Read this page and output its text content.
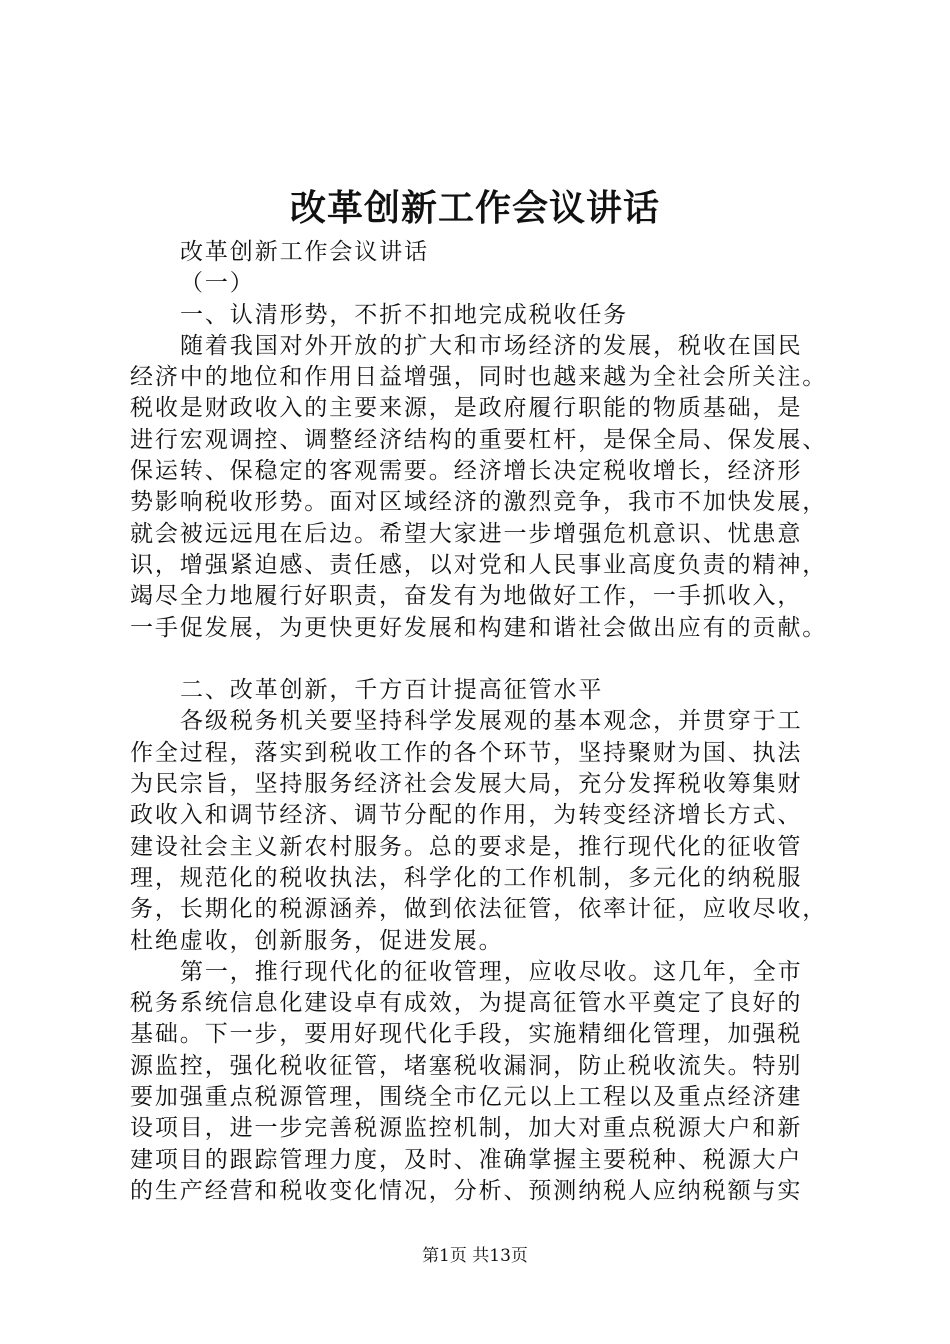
改革创新工作会议讲话
改革创新工作会议讲话
（一）
一、认清形势，不折不扣地完成税收任务
随着我国对外开放的扩大和市场经济的发展，税收在国民
经济中的地位和作用日益增强，同时也越来越为全社会所关注。
税收是财政收入的主要来源，是政府履行职能的物质基础，是
进行宏观调控、调整经济结构的重要杠杆，是保全局、保发展、
保运转、保稳定的客观需要。经济增长决定税收增长，经济形
势影响税收形势。面对区域经济的激烈竞争，我市不加快发展，
就会被远远甩在后边。希望大家进一步增强危机意识、忧患意
识，增强紧迫感、责任感，以对党和人民事业高度负责的精神，
竭尽全力地履行好职责，奋发有为地做好工作，一手抓收入，
一手促发展，为更快更好发展和构建和谐社会做出应有的贡献。
二、改革创新，千方百计提高征管水平
各级税务机关要坚持科学发展观的基本观念，并贯穿于工
作全过程，落实到税收工作的各个环节，坚持聚财为国、执法
为民宗旨，坚持服务经济社会发展大局，充分发挥税收筹集财
政收入和调节经济、调节分配的作用，为转变经济增长方式、
建设社会主义新农村服务。总的要求是，推行现代化的征收管
理，规范化的税收执法，科学化的工作机制，多元化的纳税服
务，长期化的税源涵养，做到依法征管，依率计征，应收尽收，
杜绝虚收，创新服务，促进发展。
第一，推行现代化的征收管理，应收尽收。这几年，全市
税务系统信息化建设卓有成效，为提高征管水平奠定了良好的
基础。下一步，要用好现代化手段，实施精细化管理，加强税
源监控，强化税收征管，堵塞税收漏洞，防止税收流失。特别
要加强重点税源管理，围绕全市亿元以上工程以及重点经济建
设项目，进一步完善税源监控机制，加大对重点税源大户和新
建项目的跟踪管理力度，及时、准确掌握主要税种、税源大户
的生产经营和税收变化情况，分析、预测纳税人应纳税额与实
第1页 共13页
